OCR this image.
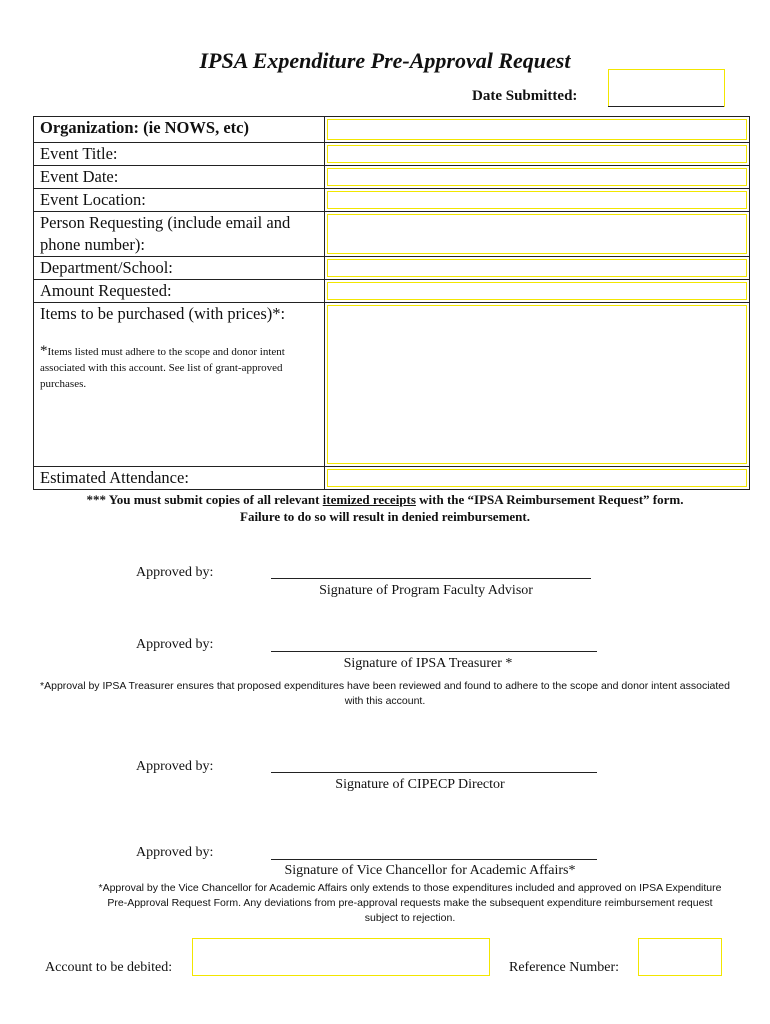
IPSA Expenditure Pre-Approval Request
Date Submitted:
Organization: (ie NOWS, etc)	

Event Title:	

Event Date:	

Event Location:	

Person Requesting (include email and phone number):	

Department/School:	

Amount Requested:	

Items to be purchased (with prices)*:
*Items listed must adhere to the scope and donor intent associated with this account. See list of grant-approved purchases.	

Estimated Attendance:	
*** You must submit copies of all relevant itemized receipts with the “IPSA Reimbursement Request” form.
Failure to do so will result in denied reimbursement.
Approved by:
Signature of Program Faculty Advisor
Approved by:
Signature of IPSA Treasurer *
*Approval by IPSA Treasurer ensures that proposed expenditures have been reviewed and found to adhere to the scope and donor intent associated with this account.
Approved by:
Signature of CIPECP Director
Approved by:
Signature of Vice Chancellor for Academic Affairs*
*Approval by the Vice Chancellor for Academic Affairs only extends to those expenditures included and approved on IPSA Expenditure Pre-Approval Request Form. Any deviations from pre-approval requests make the subsequent expenditure reimbursement request subject to rejection.
Account to be debited:	Reference Number:
